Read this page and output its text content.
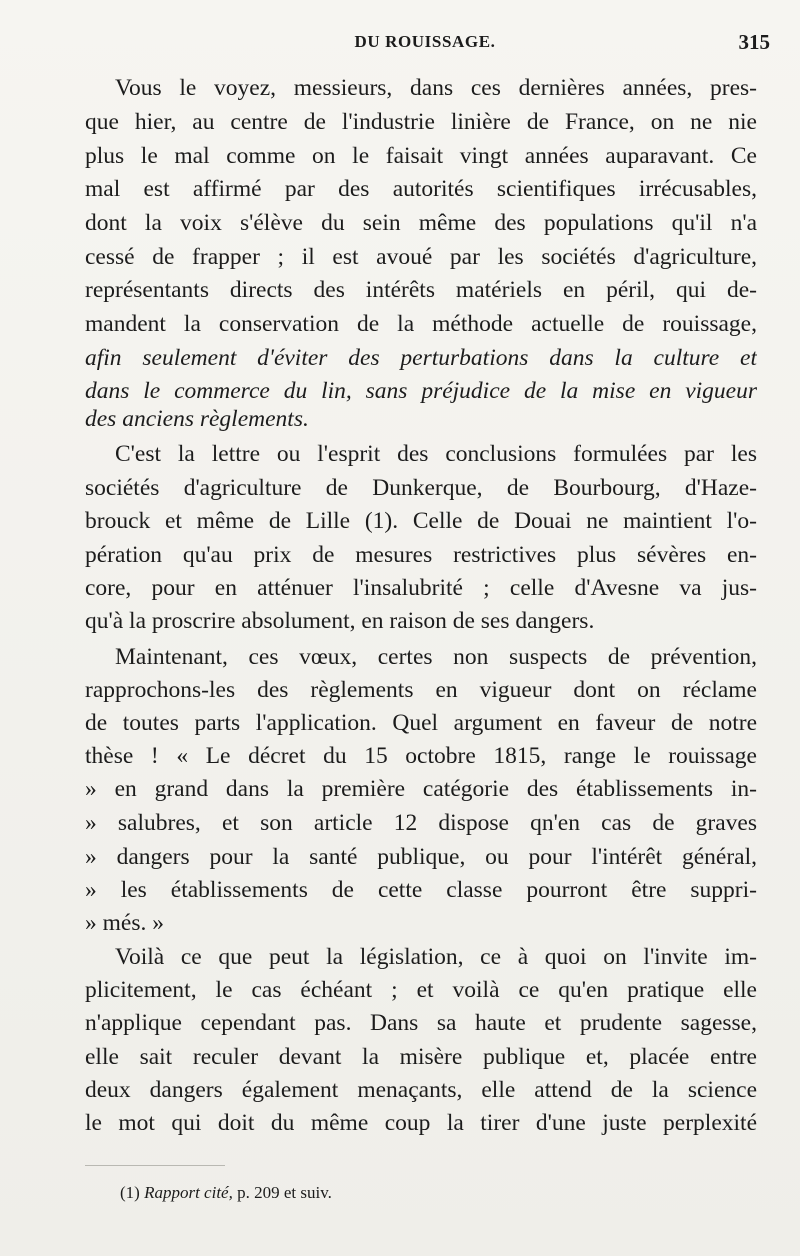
DU ROUISSAGE.	315
Vous le voyez, messieurs, dans ces dernières années, pres-
que hier, au centre de l'industrie linière de France, on ne nie
plus le mal comme on le faisait vingt années auparavant. Ce
mal est affirmé par des autorités scientifiques irrécusables,
dont la voix s'élève du sein même des populations qu'il n'a
cessé de frapper ; il est avoué par les sociétés d'agriculture,
représentants directs des intérêts matériels en péril, qui de-
mandent la conservation de la méthode actuelle de rouissage,
afin seulement d'éviter des perturbations dans la culture et
dans le commerce du lin, sans préjudice de la mise en vigueur
des anciens règlements.
C'est la lettre ou l'esprit des conclusions formulées par les
sociétés d'agriculture de Dunkerque, de Bourbourg, d'Haze-
brouck et même de Lille (1). Celle de Douai ne maintient l'o-
pération qu'au prix de mesures restrictives plus sévères en-
core, pour en atténuer l'insalubrité ; celle d'Avesne va jus-
qu'à la proscrire absolument, en raison de ses dangers.
Maintenant, ces vœux, certes non suspects de prévention,
rapprochons-les des règlements en vigueur dont on réclame
de toutes parts l'application. Quel argument en faveur de notre
thèse ! « Le décret du 15 octobre 1815, range le rouissage
» en grand dans la première catégorie des établissements in-
» salubres, et son article 12 dispose qn'en cas de graves
» dangers pour la santé publique, ou pour l'intérêt général,
» les établissements de cette classe pourront être suppri-
» més. »
Voilà ce que peut la législation, ce à quoi on l'invite im-
plicitement, le cas échéant ; et voilà ce qu'en pratique elle
n'applique cependant pas. Dans sa haute et prudente sagesse,
elle sait reculer devant la misère publique et, placée entre
deux dangers également menaçants, elle attend de la science
le mot qui doit du même coup la tirer d'une juste perplexité
(1) Rapport cité, p. 209 et suiv.
